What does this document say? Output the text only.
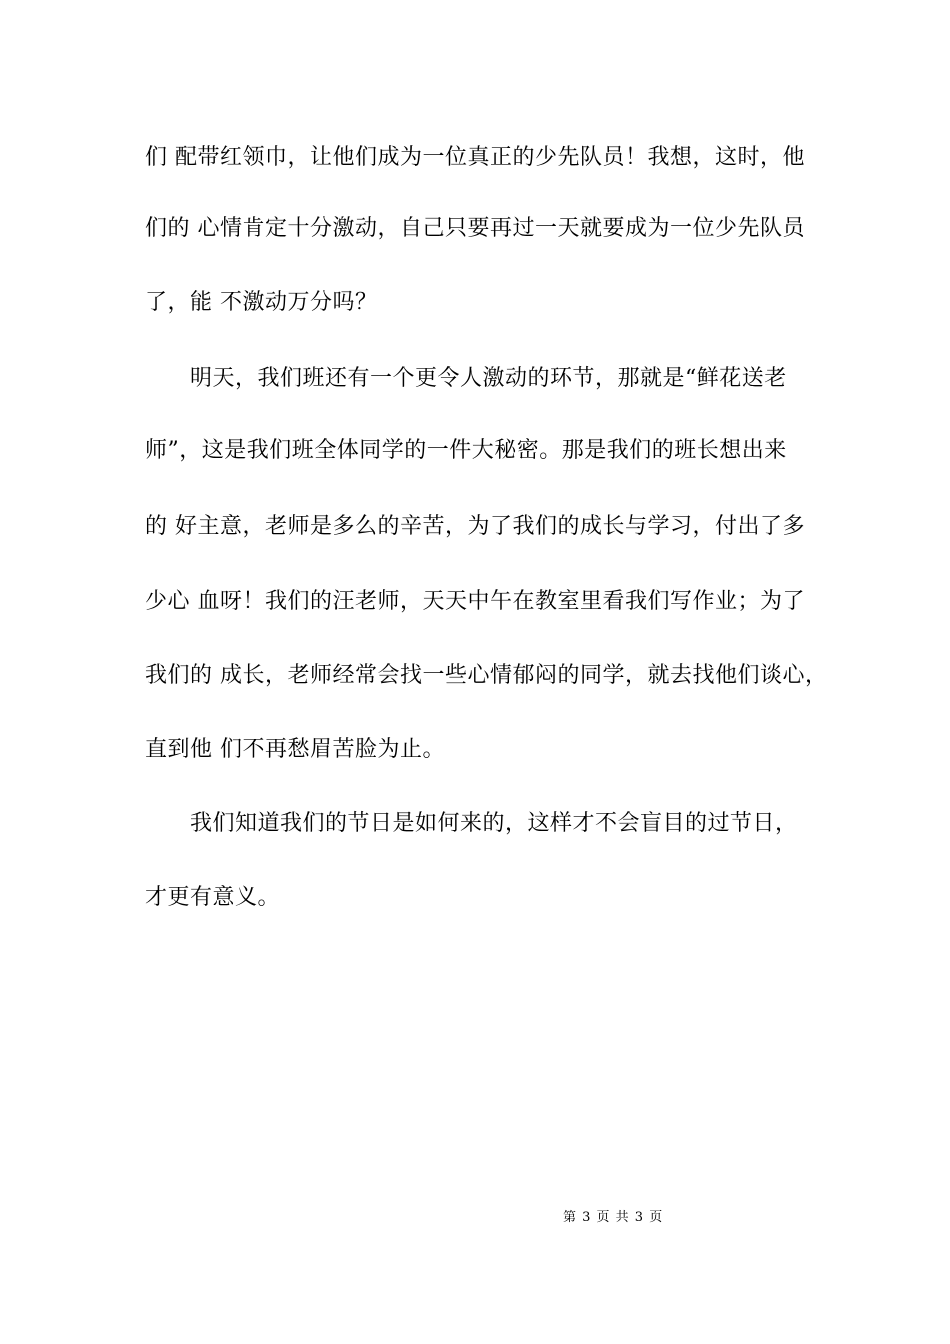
们 配带红领巾，让他们成为一位真正的少先队员！我想，这时，他
们的 心情肯定十分激动，自己只要再过一天就要成为一位少先队员
了，能 不激动万分吗？
明天，我们班还有一个更令人激动的环节，那就是“鲜花送老
师”，这是我们班全体同学的一件大秘密。那是我们的班长想出来
的 好主意，老师是多么的辛苦，为了我们的成长与学习，付出了多
少心 血呀！我们的汪老师，天天中午在教室里看我们写作业；为了
我们的 成长，老师经常会找一些心情郁闷的同学，就去找他们谈心，
直到他 们不再愁眉苦脸为止。
我们知道我们的节日是如何来的，这样才不会盲目的过节日，
才更有意义。
第 3 页 共 3 页
